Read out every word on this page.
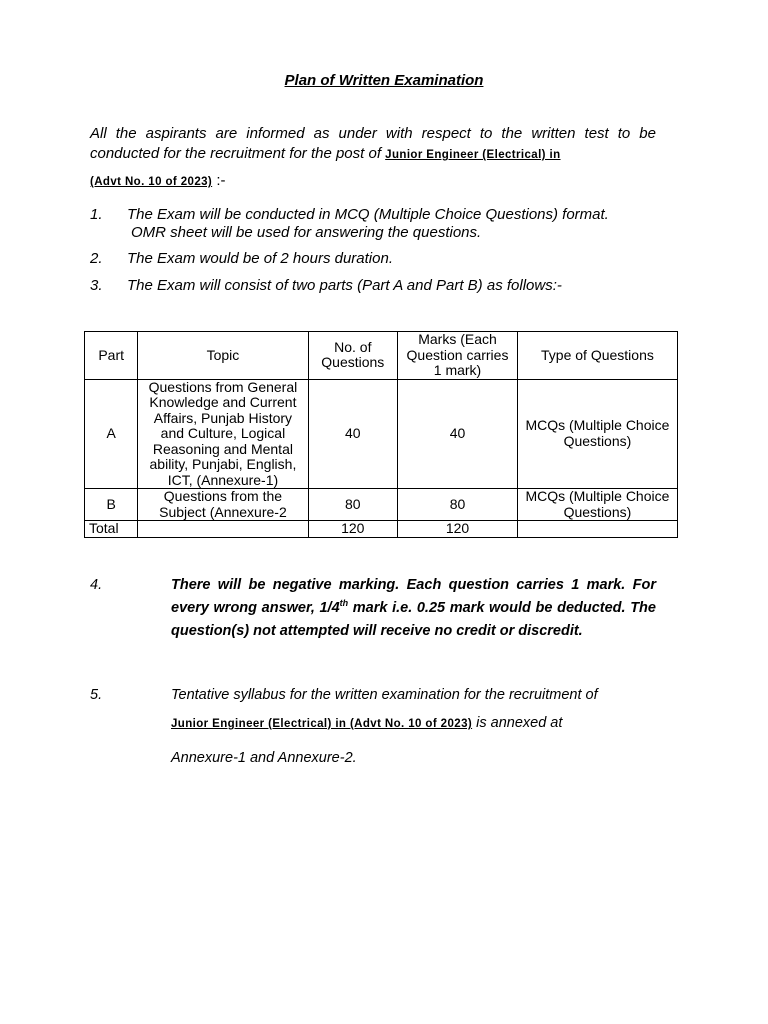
Plan of Written Examination
All the aspirants are informed as under with respect to the written test to be conducted for the recruitment for the post of Junior Engineer (Electrical) in
(Advt No. 10 of 2023) :-
1. The Exam will be conducted in MCQ (Multiple Choice Questions) format.
OMR sheet will be used for answering the questions.
2. The Exam would be of 2 hours duration.
3. The Exam will consist of two parts (Part A and Part B) as follows:-
Part	Topic	No. of Questions	Marks (Each Question carries 1 mark)	Type of Questions
A	Questions from General Knowledge and Current Affairs, Punjab History and Culture, Logical Reasoning and Mental ability, Punjabi, English, ICT, (Annexure-1)	40	40	MCQs (Multiple Choice Questions)
B	Questions from the Subject (Annexure-2	80	80	MCQs (Multiple Choice Questions)
Total		120	120	
4.	There will be negative marking. Each question carries 1 mark. For every wrong answer, 1/4th mark i.e. 0.25 mark would be deducted. The question(s) not attempted will receive no credit or discredit.
5.	Tentative syllabus for the written examination for the recruitment of
Junior Engineer (Electrical) in (Advt No. 10 of 2023) is annexed at
Annexure-1 and Annexure-2.
